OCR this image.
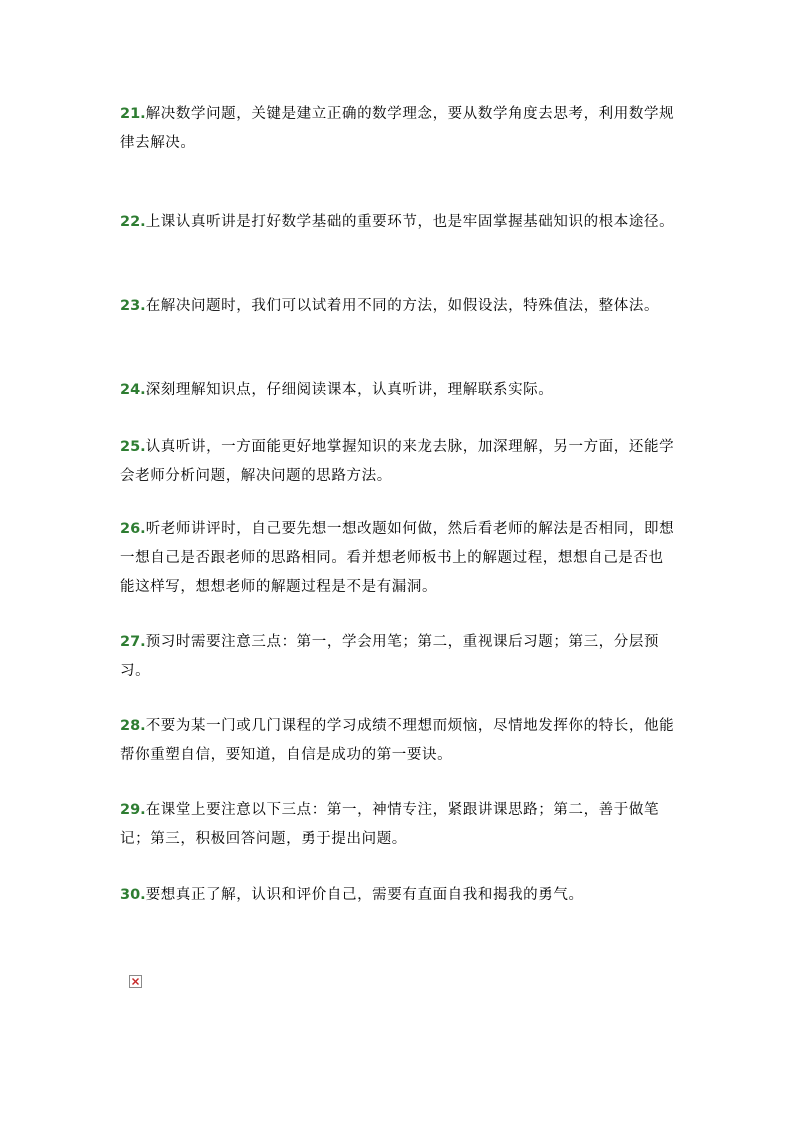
21.解决数学问题，关键是建立正确的数学理念，要从数学角度去思考，利用数学规律去解决。

22.上课认真听讲是打好数学基础的重要环节，也是牢固掌握基础知识的根本途径。

23.在解决问题时，我们可以试着用不同的方法，如假设法，特殊值法，整体法。

24.深刻理解知识点，仔细阅读课本，认真听讲，理解联系实际。

25.认真听讲，一方面能更好地掌握知识的来龙去脉，加深理解，另一方面，还能学会老师分析问题，解决问题的思路方法。

26.听老师讲评时，自己要先想一想改题如何做，然后看老师的解法是否相同，即想一想自己是否跟老师的思路相同。看并想老师板书上的解题过程，想想自己是否也能这样写，想想老师的解题过程是不是有漏洞。

27.预习时需要注意三点：第一，学会用笔；第二，重视课后习题；第三，分层预习。

28.不要为某一门或几门课程的学习成绩不理想而烦恼，尽情地发挥你的特长，他能帮你重塑自信，要知道，自信是成功的第一要诀。

29.在课堂上要注意以下三点：第一，神情专注，紧跟讲课思路；第二，善于做笔记；第三，积极回答问题，勇于提出问题。

30.要想真正了解，认识和评价自己，需要有直面自我和揭我的勇气。
